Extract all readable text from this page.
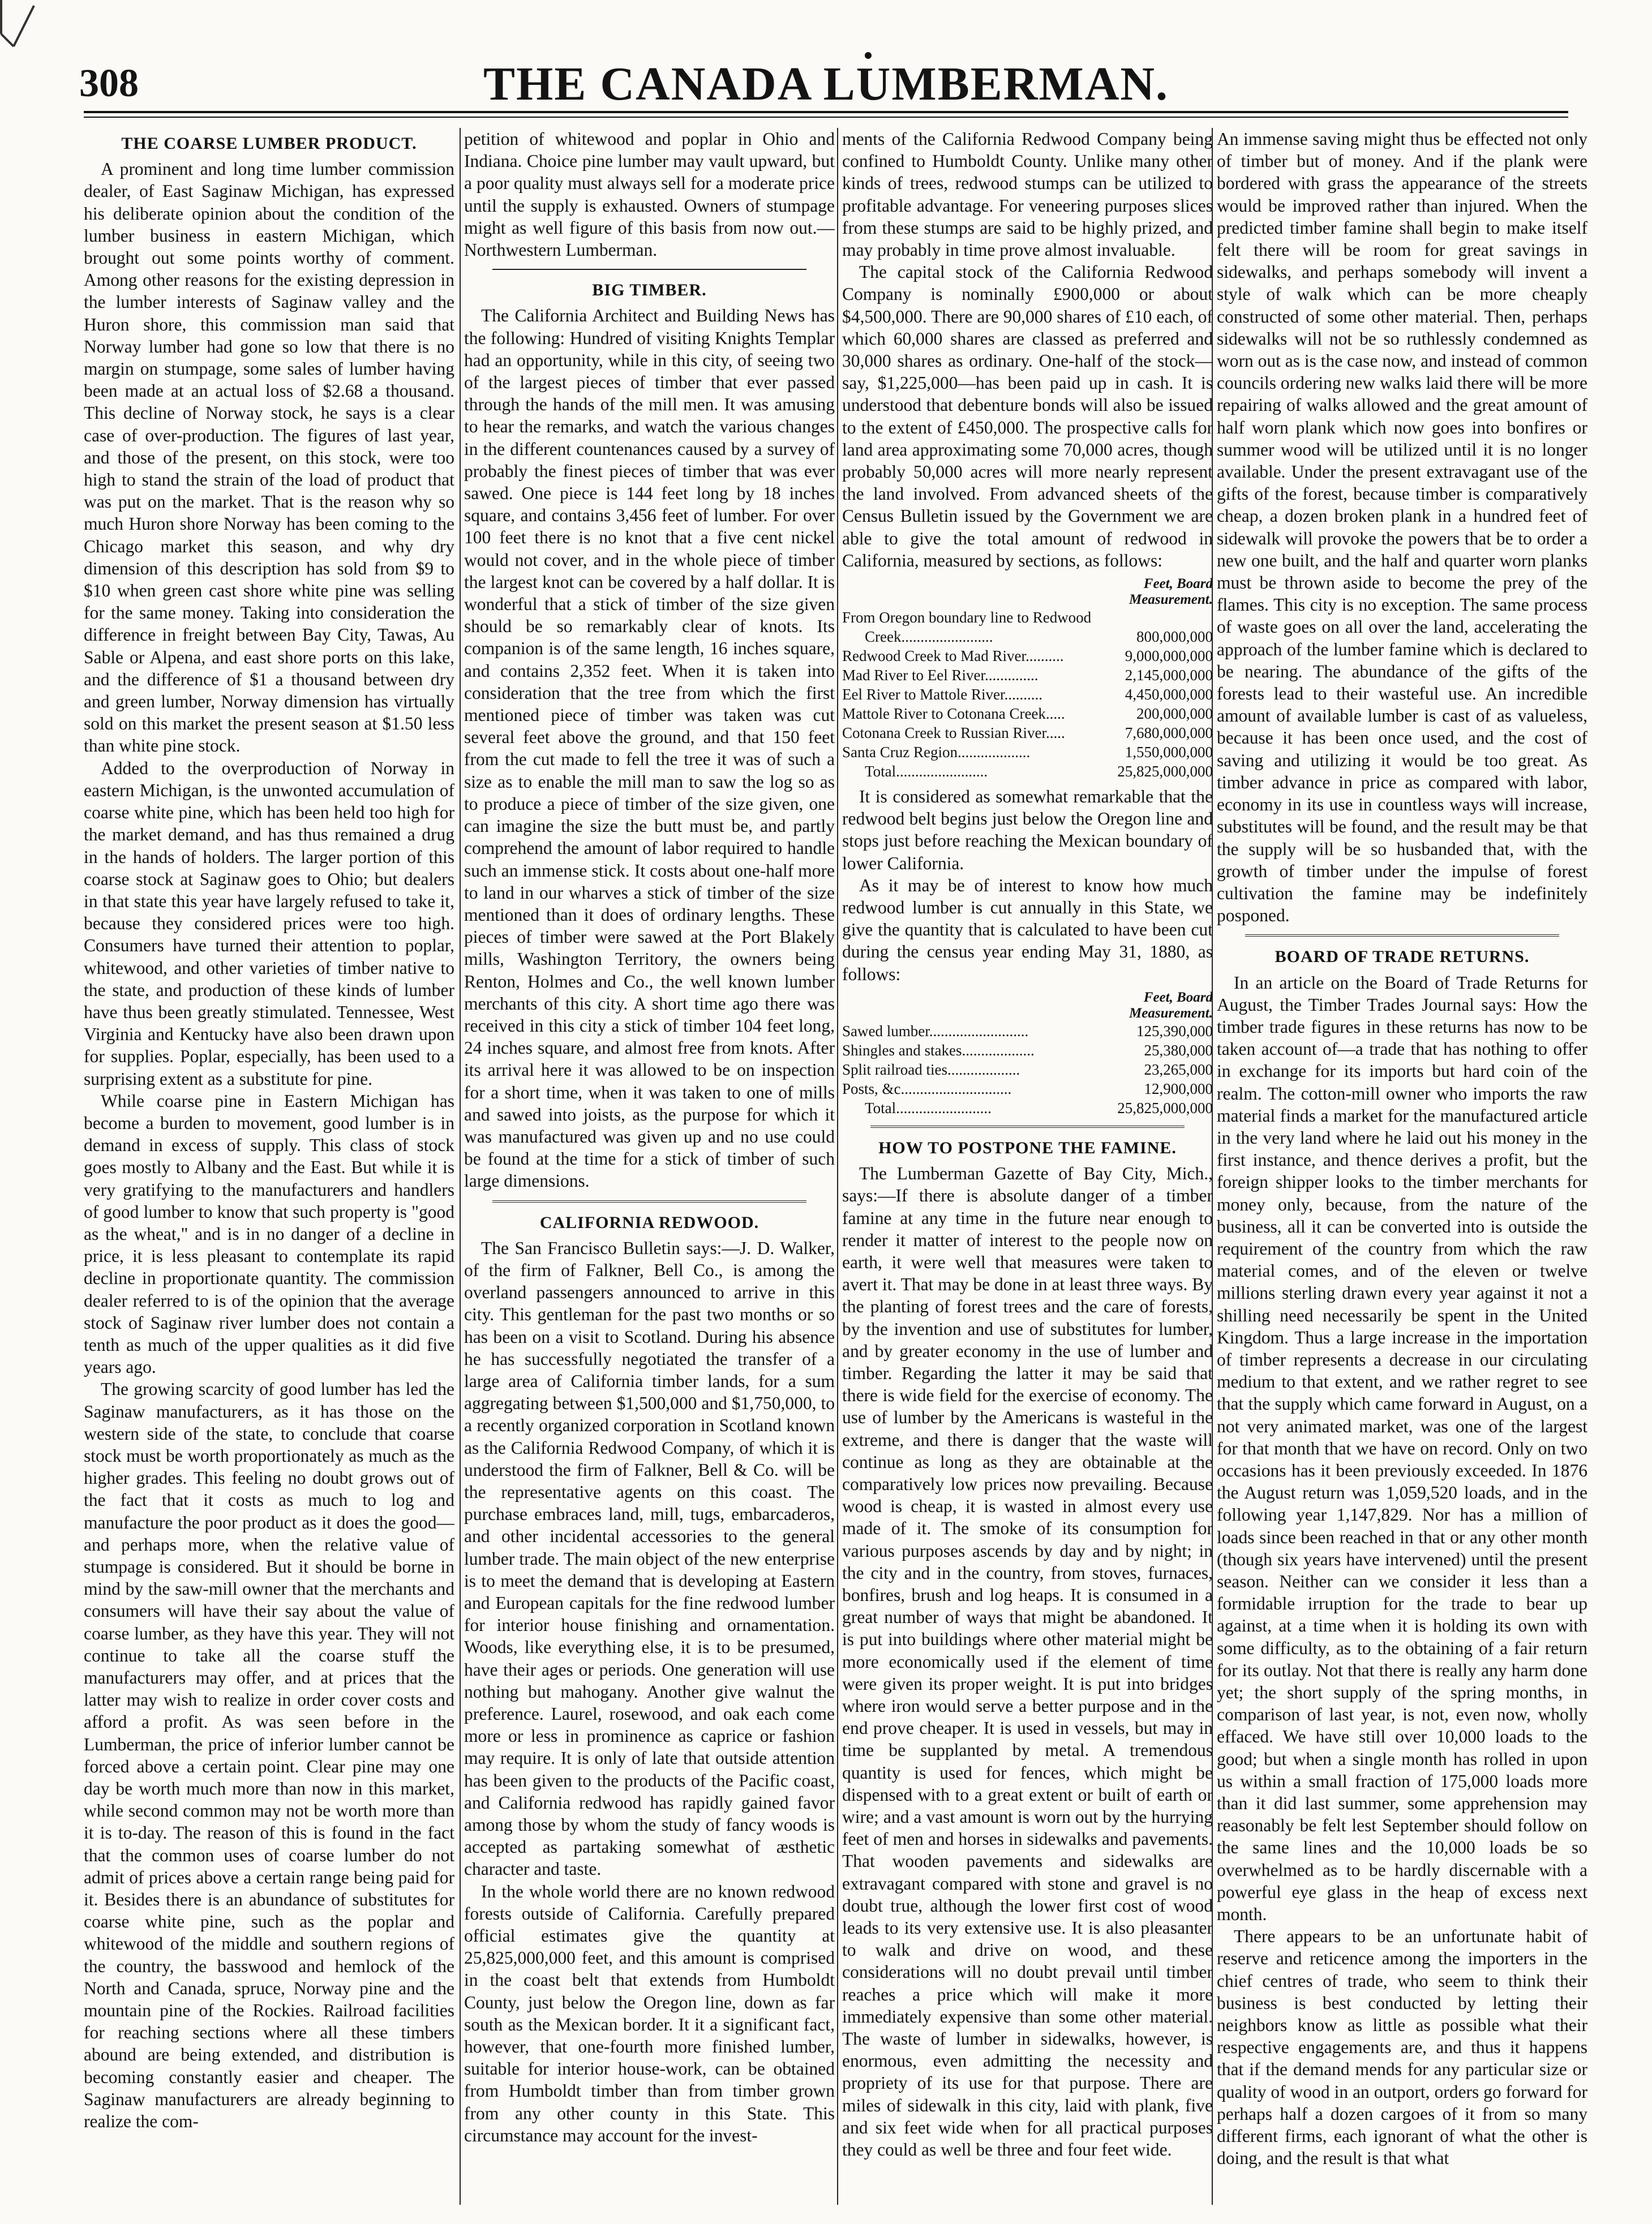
308	THE CANADA LUMBERMAN.
THE COARSE LUMBER PRODUCT.

A prominent and long time lumber commission dealer, of East Saginaw Michigan, has expressed his deliberate opinion about the condition of the lumber business in eastern Michigan, which brought out some points worthy of comment. Among other reasons for the existing depression in the lumber interests of Saginaw valley and the Huron shore, this commission man said that Norway lumber had gone so low that there is no margin on stumpage, some sales of lumber having been made at an actual loss of $2.68 a thousand. This decline of Norway stock, he says is a clear case of over-production. The figures of last year, and those of the present, on this stock, were too high to stand the strain of the load of product that was put on the market. That is the reason why so much Huron shore Norway has been coming to the Chicago market this season, and why dry dimension of this description has sold from $9 to $10 when green cast shore white pine was selling for the same money. Taking into consideration the difference in freight between Bay City, Tawas, Au Sable or Alpena, and east shore ports on this lake, and the difference of $1 a thousand between dry and green lumber, Norway dimension has virtually sold on this market the present season at $1.50 less than white pine stock.

Added to the overproduction of Norway in eastern Michigan, is the unwonted accumulation of coarse white pine, which has been held too high for the market demand, and has thus remained a drug in the hands of holders. The larger portion of this coarse stock at Saginaw goes to Ohio; but dealers in that state this year have largely refused to take it, because they considered prices were too high. Consumers have turned their attention to poplar, whitewood, and other varieties of timber native to the state, and production of these kinds of lumber have thus been greatly stimulated. Tennessee, West Virginia and Kentucky have also been drawn upon for supplies. Poplar, especially, has been used to a surprising extent as a substitute for pine.

While coarse pine in Eastern Michigan has become a burden to movement, good lumber is in demand in excess of supply. This class of stock goes mostly to Albany and the East. But while it is very gratifying to the manufacturers and handlers of good lumber to know that such property is "good as the wheat," and is in no danger of a decline in price, it is less pleasant to contemplate its rapid decline in proportionate quantity. The commission dealer referred to is of the opinion that the average stock of Saginaw river lumber does not contain a tenth as much of the upper qualities as it did five years ago.

The growing scarcity of good lumber has led the Saginaw manufacturers, as it has those on the western side of the state, to conclude that coarse stock must be worth proportionately as much as the higher grades. This feeling no doubt grows out of the fact that it costs as much to log and manufacture the poor product as it does the good—and perhaps more, when the relative value of stumpage is considered. But it should be borne in mind by the saw-mill owner that the merchants and consumers will have their say about the value of coarse lumber, as they have this year. They will not continue to take all the coarse stuff the manufacturers may offer, and at prices that the latter may wish to realize in order cover costs and afford a profit. As was seen before in the Lumberman, the price of inferior lumber cannot be forced above a certain point. Clear pine may one day be worth much more than now in this market, while second common may not be worth more than it is to-day. The reason of this is found in the fact that the common uses of coarse lumber do not admit of prices above a certain range being paid for it. Besides there is an abundance of substitutes for coarse white pine, such as the poplar and whitewood of the middle and southern regions of the country, the basswood and hemlock of the North and Canada, spruce, Norway pine and the mountain pine of the Rockies. Railroad facilities for reaching sections where all these timbers abound are being extended, and distribution is becoming constantly easier and cheaper. The Saginaw manufacturers are already beginning to realize the com-

petition of whitewood and poplar in Ohio and Indiana. Choice pine lumber may vault upward, but a poor quality must always sell for a moderate price until the supply is exhausted. Owners of stumpage might as well figure of this basis from now out.—Northwestern Lumberman.

BIG TIMBER.

The California Architect and Building News has the following: Hundred of visiting Knights Templar had an opportunity, while in this city, of seeing two of the largest pieces of timber that ever passed through the hands of the mill men. It was amusing to hear the remarks, and watch the various changes in the different countenances caused by a survey of probably the finest pieces of timber that was ever sawed. One piece is 144 feet long by 18 inches square, and contains 3,456 feet of lumber. For over 100 feet there is no knot that a five cent nickel would not cover, and in the whole piece of timber the largest knot can be covered by a half dollar. It is wonderful that a stick of timber of the size given should be so remarkably clear of knots. Its companion is of the same length, 16 inches square, and contains 2,352 feet. When it is taken into consideration that the tree from which the first mentioned piece of timber was taken was cut several feet above the ground, and that 150 feet from the cut made to fell the tree it was of such a size as to enable the mill man to saw the log so as to produce a piece of timber of the size given, one can imagine the size the butt must be, and partly comprehend the amount of labor required to handle such an immense stick. It costs about one-half more to land in our wharves a stick of timber of the size mentioned than it does of ordinary lengths. These pieces of timber were sawed at the Port Blakely mills, Washington Territory, the owners being Renton, Holmes and Co., the well known lumber merchants of this city. A short time ago there was received in this city a stick of timber 104 feet long, 24 inches square, and almost free from knots. After its arrival here it was allowed to be on inspection for a short time, when it was taken to one of mills and sawed into joists, as the purpose for which it was manufactured was given up and no use could be found at the time for a stick of timber of such large dimensions.

CALIFORNIA REDWOOD.

The San Francisco Bulletin says:—J. D. Walker, of the firm of Falkner, Bell Co., is among the overland passengers announced to arrive in this city. This gentleman for the past two months or so has been on a visit to Scotland. During his absence he has successfully negotiated the transfer of a large area of California timber lands, for a sum aggregating between $1,500,000 and $1,750,000, to a recently organized corporation in Scotland known as the California Redwood Company, of which it is understood the firm of Falkner, Bell & Co. will be the representative agents on this coast. The purchase embraces land, mill, tugs, embarcaderos, and other incidental accessories to the general lumber trade. The main object of the new enterprise is to meet the demand that is developing at Eastern and European capitals for the fine redwood lumber for interior house finishing and ornamentation. Woods, like everything else, it is to be presumed, have their ages or periods. One generation will use nothing but mahogany. Another give walnut the preference. Laurel, rosewood, and oak each come more or less in prominence as caprice or fashion may require. It is only of late that outside attention has been given to the products of the Pacific coast, and California redwood has rapidly gained favor among those by whom the study of fancy woods is accepted as partaking somewhat of æsthetic character and taste.

In the whole world there are no known redwood forests outside of California. Carefully prepared official estimates give the quantity at 25,825,000,000 feet, and this amount is comprised in the coast belt that extends from Humboldt County, just below the Oregon line, down as far south as the Mexican border. It it a significant fact, however, that one-fourth more finished lumber, suitable for interior house-work, can be obtained from Humboldt timber than from timber grown from any other county in this State. This circumstance may account for the invest-

ments of the California Redwood Company being confined to Humboldt County. Unlike many other kinds of trees, redwood stumps can be utilized to profitable advantage. For veneering purposes slices from these stumps are said to be highly prized, and may probably in time prove almost invaluable.

The capital stock of the California Redwood Company is nominally £900,000 or about $4,500,000. There are 90,000 shares of £10 each, of which 60,000 shares are classed as preferred and 30,000 shares as ordinary. One-half of the stock—say, $1,225,000—has been paid up in cash. It is understood that debenture bonds will also be issued to the extent of £450,000. The prospective calls for land area approximating some 70,000 acres, though probably 50,000 acres will more nearly represent the land involved. From advanced sheets of the Census Bulletin issued by the Government we are able to give the total amount of redwood in California, measured by sections, as follows:

Feet, Board
Measurement.
From Oregon boundary line to Redwood
Creek........................	800,000,000
Redwood Creek to Mad River..........	9,000,000,000
Mad River to Eel River..............	2,145,000,000
Eel River to Mattole River..........	4,450,000,000
Mattole River to Cotonana Creek.....	200,000,000
Cotonana Creek to Russian River.....	7,680,000,000
Santa Cruz Region...................	1,550,000,000
Total........................	25,825,000,000

It is considered as somewhat remarkable that the redwood belt begins just below the Oregon line and stops just before reaching the Mexican boundary of lower California.

As it may be of interest to know how much redwood lumber is cut annually in this State, we give the quantity that is calculated to have been cut during the census year ending May 31, 1880, as follows:

Feet, Board
Measurement.
Sawed lumber..........................	125,390,000
Shingles and stakes...................	25,380,000
Split railroad ties...................	23,265,000
Posts, &c.............................	12,900,000
Total.........................	25,825,000,000
HOW TO POSTPONE THE FAMINE.

The Lumberman Gazette of Bay City, Mich., says:—If there is absolute danger of a timber famine at any time in the future near enough to render it matter of interest to the people now on earth, it were well that measures were taken to avert it. That may be done in at least three ways. By the planting of forest trees and the care of forests, by the invention and use of substitutes for lumber, and by greater economy in the use of lumber and timber. Regarding the latter it may be said that there is wide field for the exercise of economy. The use of lumber by the Americans is wasteful in the extreme, and there is danger that the waste will continue as long as they are obtainable at the comparatively low prices now prevailing. Because wood is cheap, it is wasted in almost every use made of it. The smoke of its consumption for various purposes ascends by day and by night; in the city and in the country, from stoves, furnaces, bonfires, brush and log heaps. It is consumed in a great number of ways that might be abandoned. It is put into buildings where other material might be more economically used if the element of time were given its proper weight. It is put into bridges where iron would serve a better purpose and in the end prove cheaper. It is used in vessels, but may in time be supplanted by metal. A tremendous quantity is used for fences, which might be dispensed with to a great extent or built of earth or wire; and a vast amount is worn out by the hurrying feet of men and horses in sidewalks and pavements. That wooden pavements and sidewalks are extravagant compared with stone and gravel is no doubt true, although the lower first cost of wood leads to its very extensive use. It is also pleasanter to walk and drive on wood, and these considerations will no doubt prevail until timber reaches a price which will make it more immediately expensive than some other material. The waste of lumber in sidewalks, however, is enormous, even admitting the necessity and propriety of its use for that purpose. There are miles of sidewalk in this city, laid with plank, five and six feet wide when for all practical purposes they could as well be three and four feet wide.

An immense saving might thus be effected not only of timber but of money. And if the plank were bordered with grass the appearance of the streets would be improved rather than injured. When the predicted timber famine shall begin to make itself felt there will be room for great savings in sidewalks, and perhaps somebody will invent a style of walk which can be more cheaply constructed of some other material. Then, perhaps sidewalks will not be so ruthlessly condemned as worn out as is the case now, and instead of common councils ordering new walks laid there will be more repairing of walks allowed and the great amount of half worn plank which now goes into bonfires or summer wood will be utilized until it is no longer available. Under the present extravagant use of the gifts of the forest, because timber is comparatively cheap, a dozen broken plank in a hundred feet of sidewalk will provoke the powers that be to order a new one built, and the half and quarter worn planks must be thrown aside to become the prey of the flames. This city is no exception. The same process of waste goes on all over the land, accelerating the approach of the lumber famine which is declared to be nearing. The abundance of the gifts of the forests lead to their wasteful use. An incredible amount of available lumber is cast of as valueless, because it has been once used, and the cost of saving and utilizing it would be too great. As timber advance in price as compared with labor, economy in its use in countless ways will increase, substitutes will be found, and the result may be that the supply will be so husbanded that, with the growth of timber under the impulse of forest cultivation the famine may be indefinitely posponed.

BOARD OF TRADE RETURNS.

In an article on the Board of Trade Returns for August, the Timber Trades Journal says: How the timber trade figures in these returns has now to be taken account of—a trade that has nothing to offer in exchange for its imports but hard coin of the realm. The cotton-mill owner who imports the raw material finds a market for the manufactured article in the very land where he laid out his money in the first instance, and thence derives a profit, but the foreign shipper looks to the timber merchants for money only, because, from the nature of the business, all it can be converted into is outside the requirement of the country from which the raw material comes, and of the eleven or twelve millions sterling drawn every year against it not a shilling need necessarily be spent in the United Kingdom. Thus a large increase in the importation of timber represents a decrease in our circulating medium to that extent, and we rather regret to see that the supply which came forward in August, on a not very animated market, was one of the largest for that month that we have on record. Only on two occasions has it been previously exceeded. In 1876 the August return was 1,059,520 loads, and in the following year 1,147,829. Nor has a million of loads since been reached in that or any other month (though six years have intervened) until the present season. Neither can we consider it less than a formidable irruption for the trade to bear up against, at a time when it is holding its own with some difficulty, as to the obtaining of a fair return for its outlay. Not that there is really any harm done yet; the short supply of the spring months, in comparison of last year, is not, even now, wholly effaced. We have still over 10,000 loads to the good; but when a single month has rolled in upon us within a small fraction of 175,000 loads more than it did last summer, some apprehension may reasonably be felt lest September should follow on the same lines and the 10,000 loads be so overwhelmed as to be hardly discernable with a powerful eye glass in the heap of excess next month.

There appears to be an unfortunate habit of reserve and reticence among the importers in the chief centres of trade, who seem to think their business is best conducted by letting their neighbors know as little as possible what their respective engagements are, and thus it happens that if the demand mends for any particular size or quality of wood in an outport, orders go forward for perhaps half a dozen cargoes of it from so many different firms, each ignorant of what the other is doing, and the result is that what
